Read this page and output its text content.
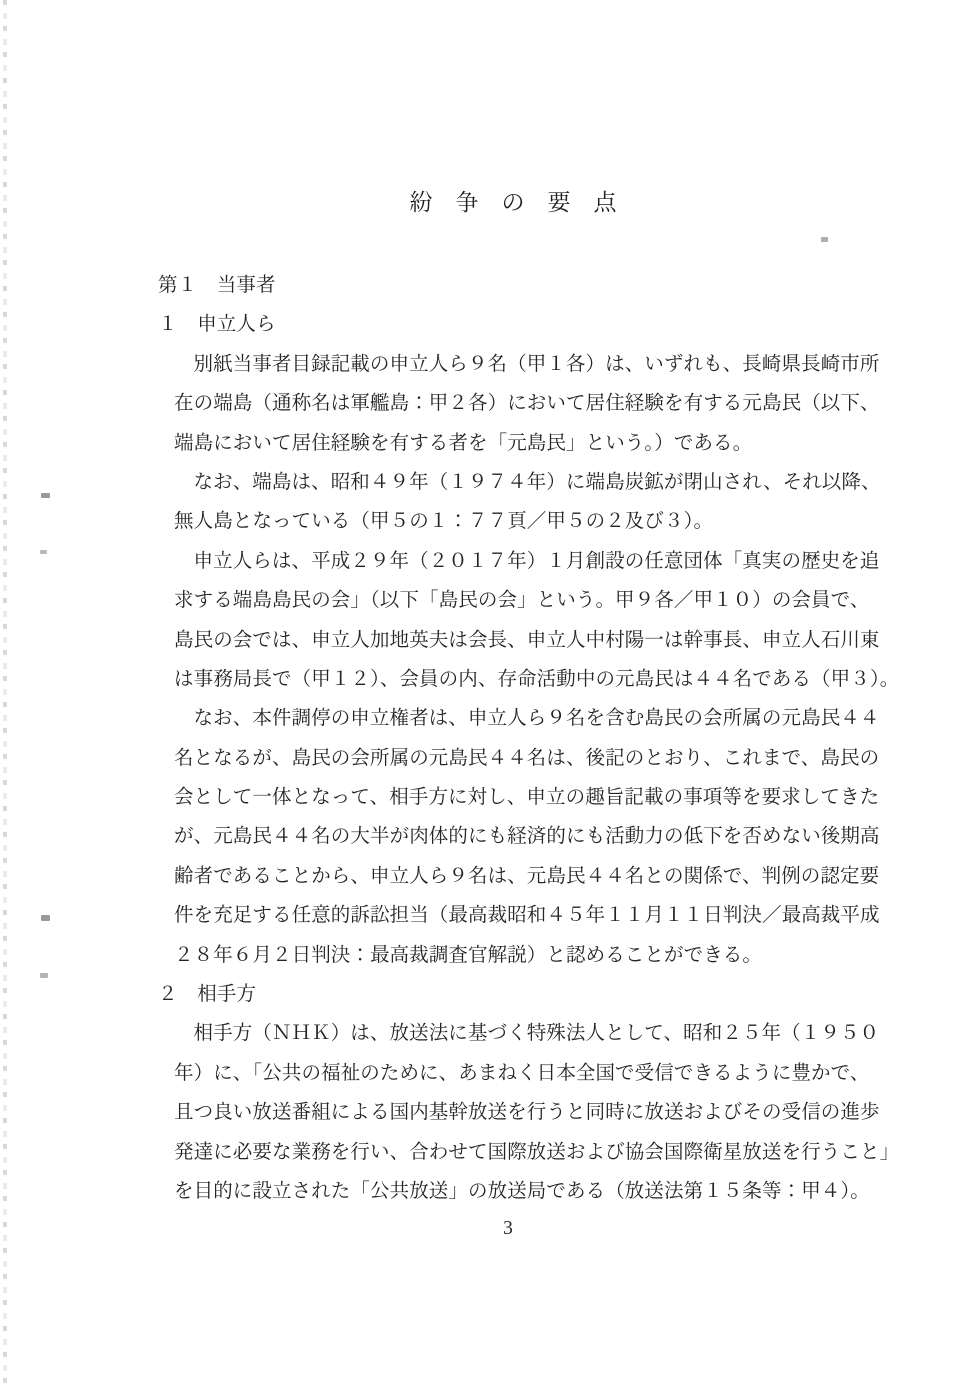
紛　争　の　要　点
第１　当事者
１　申立人ら
別紙当事者目録記載の申立人ら９名（甲１各）は、いずれも、長崎県長崎市所
在の端島（通称名は軍艦島：甲２各）において居住経験を有する元島民（以下、
端島において居住経験を有する者を「元島民」という。）である。
なお、端島は、昭和４９年（１９７４年）に端島炭鉱が閉山され、それ以降、
無人島となっている（甲５の１：７７頁／甲５の２及び３）。
申立人らは、平成２９年（２０１７年）１月創設の任意団体「真実の歴史を追
求する端島島民の会」（以下「島民の会」という。甲９各／甲１０）の会員で、
島民の会では、申立人加地英夫は会長、申立人中村陽一は幹事長、申立人石川東
は事務局長で（甲１２）、会員の内、存命活動中の元島民は４４名である（甲３）。
なお、本件調停の申立権者は、申立人ら９名を含む島民の会所属の元島民４４
名となるが、島民の会所属の元島民４４名は、後記のとおり、これまで、島民の
会として一体となって、相手方に対し、申立の趣旨記載の事項等を要求してきた
が、元島民４４名の大半が肉体的にも経済的にも活動力の低下を否めない後期高
齢者であることから、申立人ら９名は、元島民４４名との関係で、判例の認定要
件を充足する任意的訴訟担当（最高裁昭和４５年１１月１１日判決／最高裁平成
２８年６月２日判決：最高裁調査官解説）と認めることができる。
２　相手方
相手方（ＮＨＫ）は、放送法に基づく特殊法人として、昭和２５年（１９５０
年）に、「公共の福祉のために、あまねく日本全国で受信できるように豊かで、
且つ良い放送番組による国内基幹放送を行うと同時に放送およびその受信の進歩
発達に必要な業務を行い、合わせて国際放送および協会国際衛星放送を行うこと」
を目的に設立された「公共放送」の放送局である（放送法第１５条等：甲４）。
3
